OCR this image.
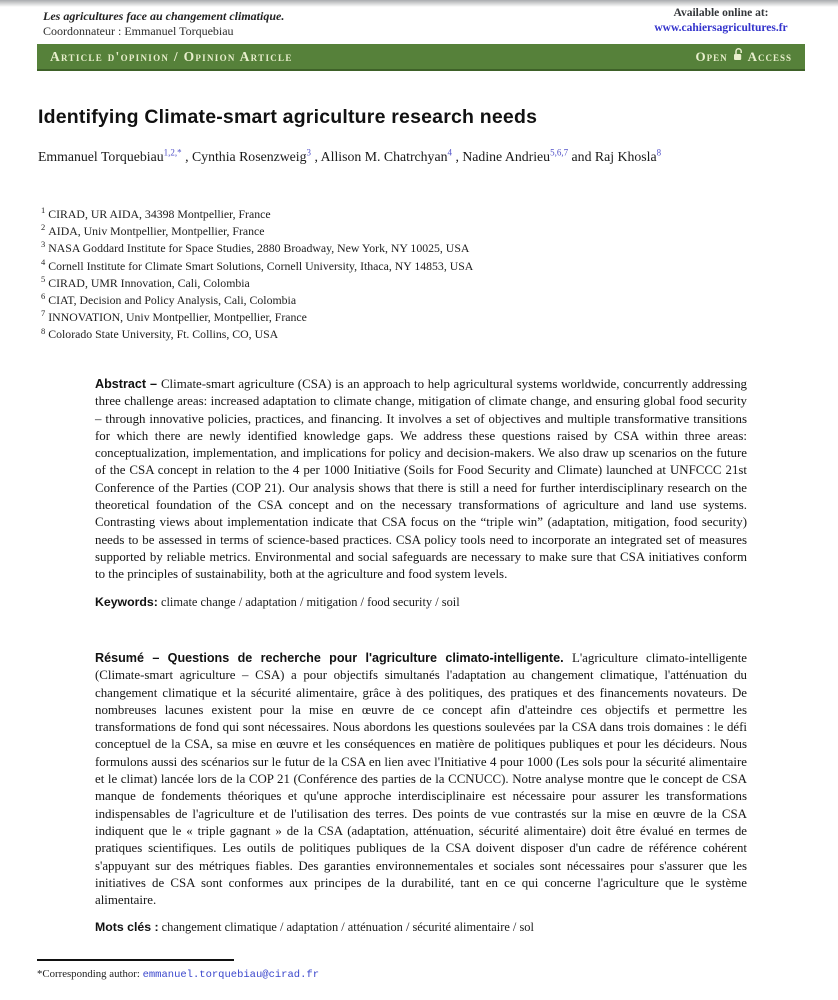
Les agricultures face au changement climatique.
Coordonnateur : Emmanuel Torquebiau
Available online at:
www.cahiersagricultures.fr
Article d'opinion / Opinion Article	Open Access
Identifying Climate-smart agriculture research needs
Emmanuel Torquebiau$^{1,2,*}$ , Cynthia Rosenzweig$^3$ , Allison M. Chatrchyan$^4$ , Nadine Andrieu$^{5,6,7}$ and Raj Khosla$^8$
$^1$ CIRAD, UR AIDA, 34398 Montpellier, France
$^2$ AIDA, Univ Montpellier, Montpellier, France
$^3$ NASA Goddard Institute for Space Studies, 2880 Broadway, New York, NY 10025, USA
$^4$ Cornell Institute for Climate Smart Solutions, Cornell University, Ithaca, NY 14853, USA
$^5$ CIRAD, UMR Innovation, Cali, Colombia
$^6$ CIAT, Decision and Policy Analysis, Cali, Colombia
$^7$ INNOVATION, Univ Montpellier, Montpellier, France
$^8$ Colorado State University, Ft. Collins, CO, USA

Abstract – Climate-smart agriculture (CSA) is an approach to help agricultural systems worldwide, concurrently addressing three challenge areas: increased adaptation to climate change, mitigation of climate change, and ensuring global food security – through innovative policies, practices, and financing. It involves a set of objectives and multiple transformative transitions for which there are newly identified knowledge gaps. We address these questions raised by CSA within three areas: conceptualization, implementation, and implications for policy and decision-makers. We also draw up scenarios on the future of the CSA concept in relation to the 4 per 1000 Initiative (Soils for Food Security and Climate) launched at UNFCCC 21st Conference of the Parties (COP 21). Our analysis shows that there is still a need for further interdisciplinary research on the theoretical foundation of the CSA concept and on the necessary transformations of agriculture and land use systems. Contrasting views about implementation indicate that CSA focus on the “triple win” (adaptation, mitigation, food security) needs to be assessed in terms of science-based practices. CSA policy tools need to incorporate an integrated set of measures supported by reliable metrics. Environmental and social safeguards are necessary to make sure that CSA initiatives conform to the principles of sustainability, both at the agriculture and food system levels.

Keywords: climate change / adaptation / mitigation / food security / soil

Résumé – Questions de recherche pour l'agriculture climato-intelligente. L'agriculture climato-intelligente (Climate-smart agriculture – CSA) a pour objectifs simultanés l'adaptation au changement climatique, l'atténuation du changement climatique et la sécurité alimentaire, grâce à des politiques, des pratiques et des financements novateurs. De nombreuses lacunes existent pour la mise en œuvre de ce concept afin d'atteindre ces objectifs et permettre les transformations de fond qui sont nécessaires. Nous abordons les questions soulevées par la CSA dans trois domaines : le défi conceptuel de la CSA, sa mise en œuvre et les conséquences en matière de politiques publiques et pour les décideurs. Nous formulons aussi des scénarios sur le futur de la CSA en lien avec l'Initiative 4 pour 1000 (Les sols pour la sécurité alimentaire et le climat) lancée lors de la COP 21 (Conférence des parties de la CCNUCC). Notre analyse montre que le concept de CSA manque de fondements théoriques et qu'une approche interdisciplinaire est nécessaire pour assurer les transformations indispensables de l'agriculture et de l'utilisation des terres. Des points de vue contrastés sur la mise en œuvre de la CSA indiquent que le « triple gagnant » de la CSA (adaptation, atténuation, sécurité alimentaire) doit être évalué en termes de pratiques scientifiques. Les outils de politiques publiques de la CSA doivent disposer d'un cadre de référence cohérent s'appuyant sur des métriques fiables. Des garanties environnementales et sociales sont nécessaires pour s'assurer que les initiatives de CSA sont conformes aux principes de la durabilité, tant en ce qui concerne l'agriculture que le système alimentaire.

Mots clés : changement climatique / adaptation / atténuation / sécurité alimentaire / sol

*Corresponding author: emmanuel.torquebiau@cirad.fr
